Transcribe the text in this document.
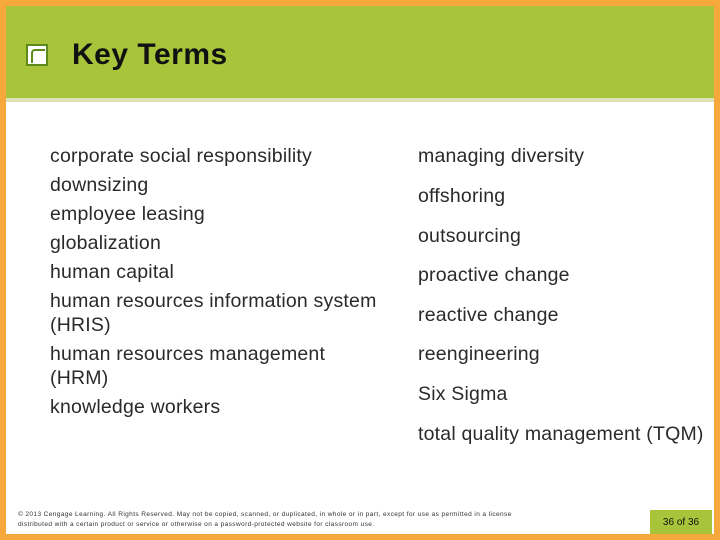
Key Terms
corporate social responsibility
downsizing
employee leasing
globalization
human capital
human resources information system (HRIS)
human resources management (HRM)
knowledge workers
managing diversity
offshoring
outsourcing
proactive change
reactive change
reengineering
Six Sigma
total quality management (TQM)
© 2013 Cengage Learning. All Rights Reserved. May not be copied, scanned, or duplicated, in whole or in part, except for use as permitted in a license distributed with a certain product or service or otherwise on a password-protected website for classroom use.	36 of 36
